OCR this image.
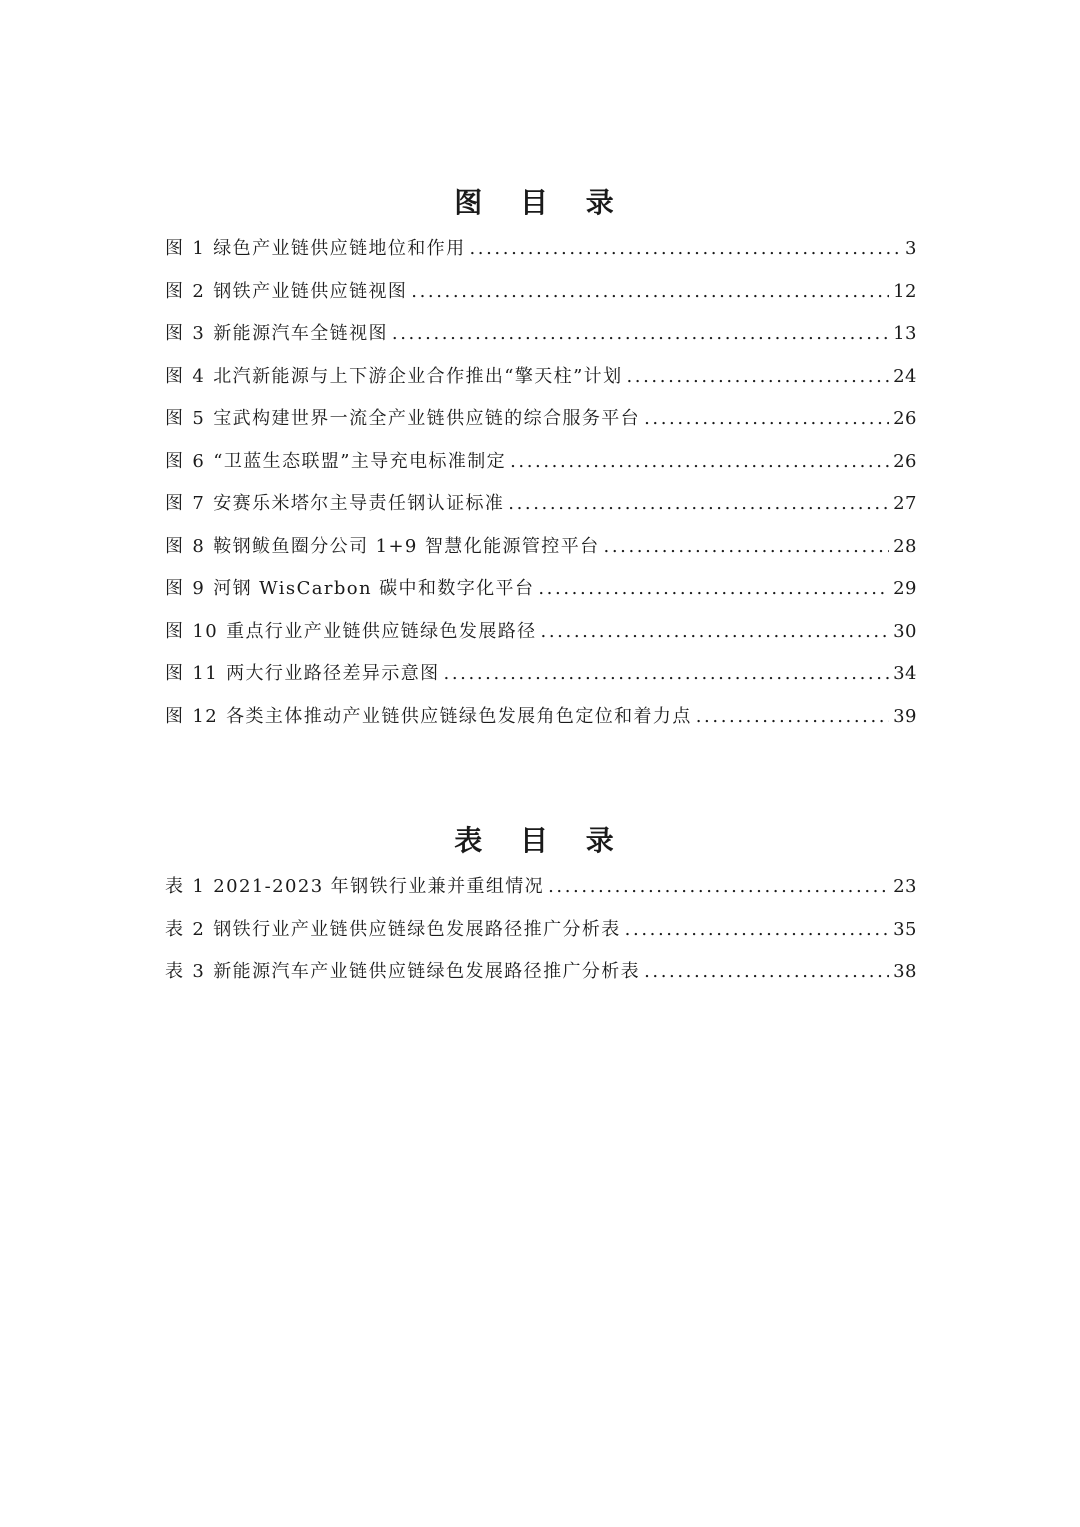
图 目 录
图 1 绿色产业链供应链地位和作用 .....	3
图 2 钢铁产业链供应链视图 .....	12
图 3 新能源汽车全链视图 .....	13
图 4 北汽新能源与上下游企业合作推出“擎天柱”计划 .....	24
图 5 宝武构建世界一流全产业链供应链的综合服务平台 .....	26
图 6 “卫蓝生态联盟”主导充电标准制定 .....	26
图 7 安赛乐米塔尔主导责任钢认证标准 .....	27
图 8 鞍钢鲅鱼圈分公司 1+9 智慧化能源管控平台 .....	28
图 9 河钢 WisCarbon 碳中和数字化平台 .....	29
图 10 重点行业产业链供应链绿色发展路径 .....	30
图 11 两大行业路径差异示意图 .....	34
图 12 各类主体推动产业链供应链绿色发展角色定位和着力点 .....	39
表 目 录
表 1 2021-2023 年钢铁行业兼并重组情况 .....	23
表 2 钢铁行业产业链供应链绿色发展路径推广分析表 .....	35
表 3 新能源汽车产业链供应链绿色发展路径推广分析表 .....	38
